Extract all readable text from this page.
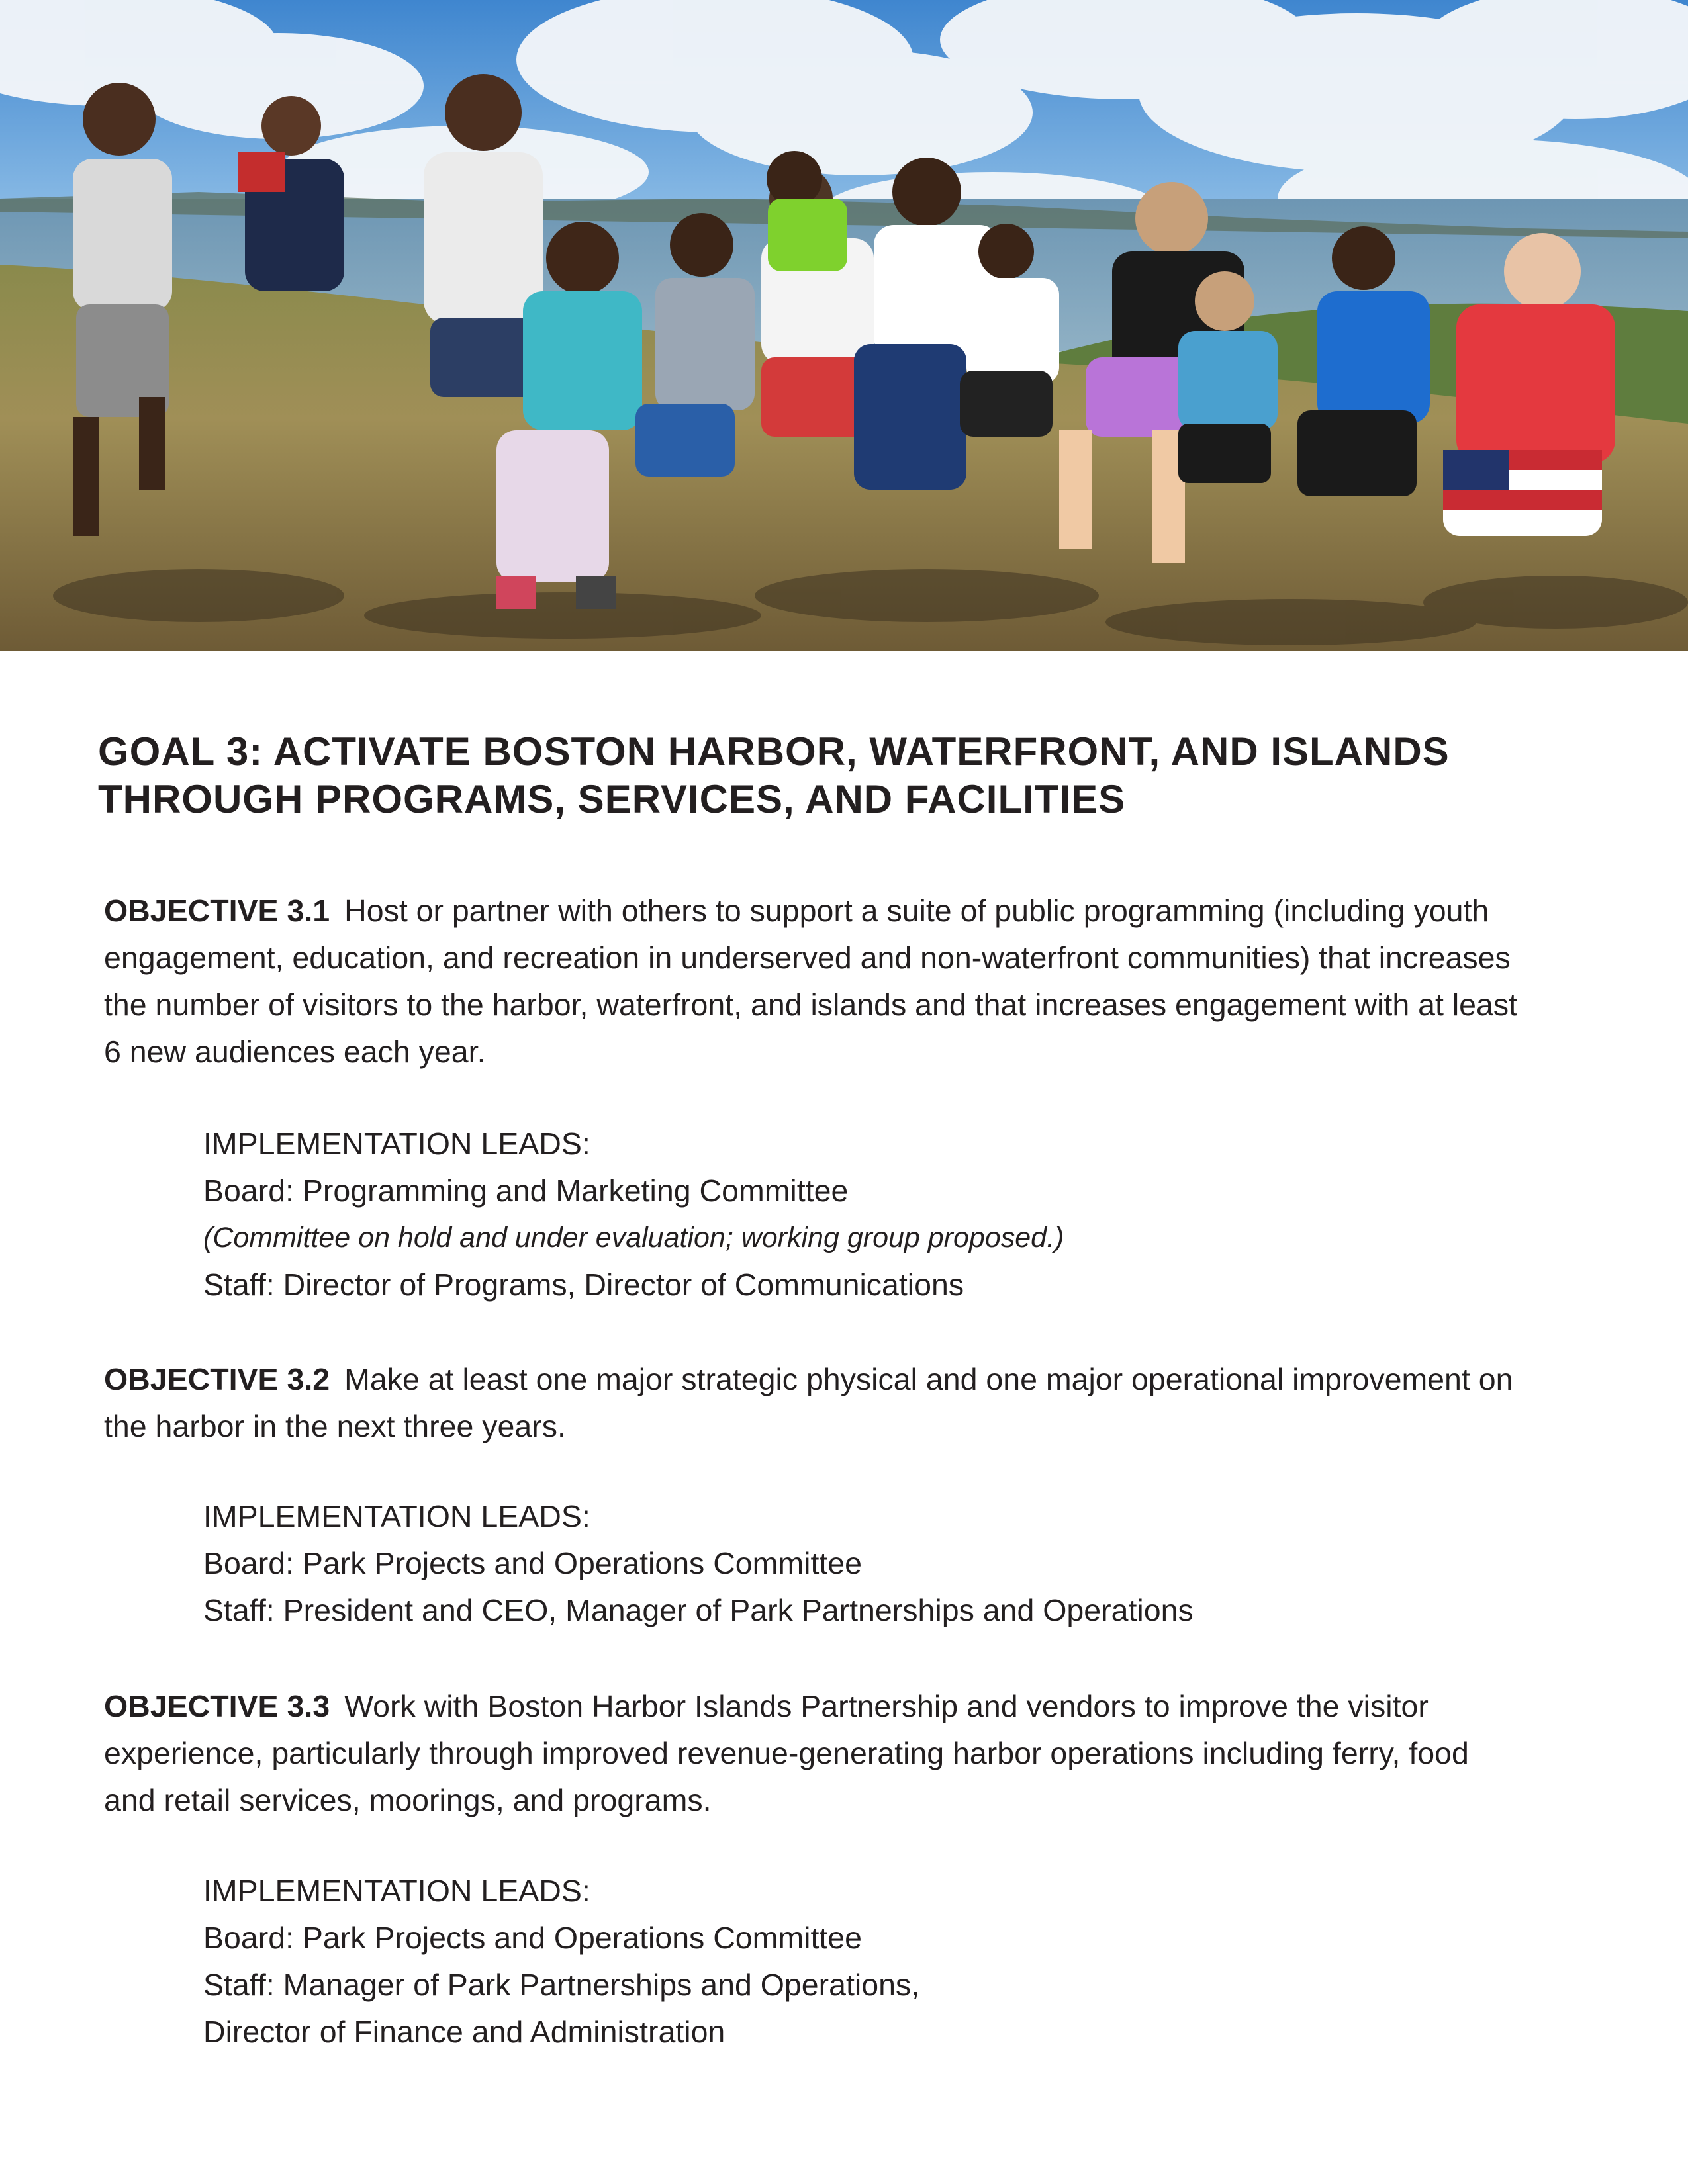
GOAL 3: ACTIVATE BOSTON HARBOR, WATERFRONT, AND ISLANDS
THROUGH PROGRAMS, SERVICES, AND FACILITIES
OBJECTIVE 3.1 Host or partner with others to support a suite of public programming (including youth
engagement, education, and recreation in underserved and non-waterfront communities) that increases
the number of visitors to the harbor, waterfront, and islands and that increases engagement with at least
6 new audiences each year.
IMPLEMENTATION LEADS:
Board: Programming and Marketing Committee
(Committee on hold and under evaluation; working group proposed.)
Staff: Director of Programs, Director of Communications
OBJECTIVE 3.2 Make at least one major strategic physical and one major operational improvement on
the harbor in the next three years.
IMPLEMENTATION LEADS:
Board: Park Projects and Operations Committee
Staff: President and CEO, Manager of Park Partnerships and Operations
OBJECTIVE 3.3 Work with Boston Harbor Islands Partnership and vendors to improve the visitor
experience, particularly through improved revenue-generating harbor operations including ferry, food
and retail services, moorings, and programs.
IMPLEMENTATION LEADS:
Board: Park Projects and Operations Committee
Staff: Manager of Park Partnerships and Operations,
Director of Finance and Administration
